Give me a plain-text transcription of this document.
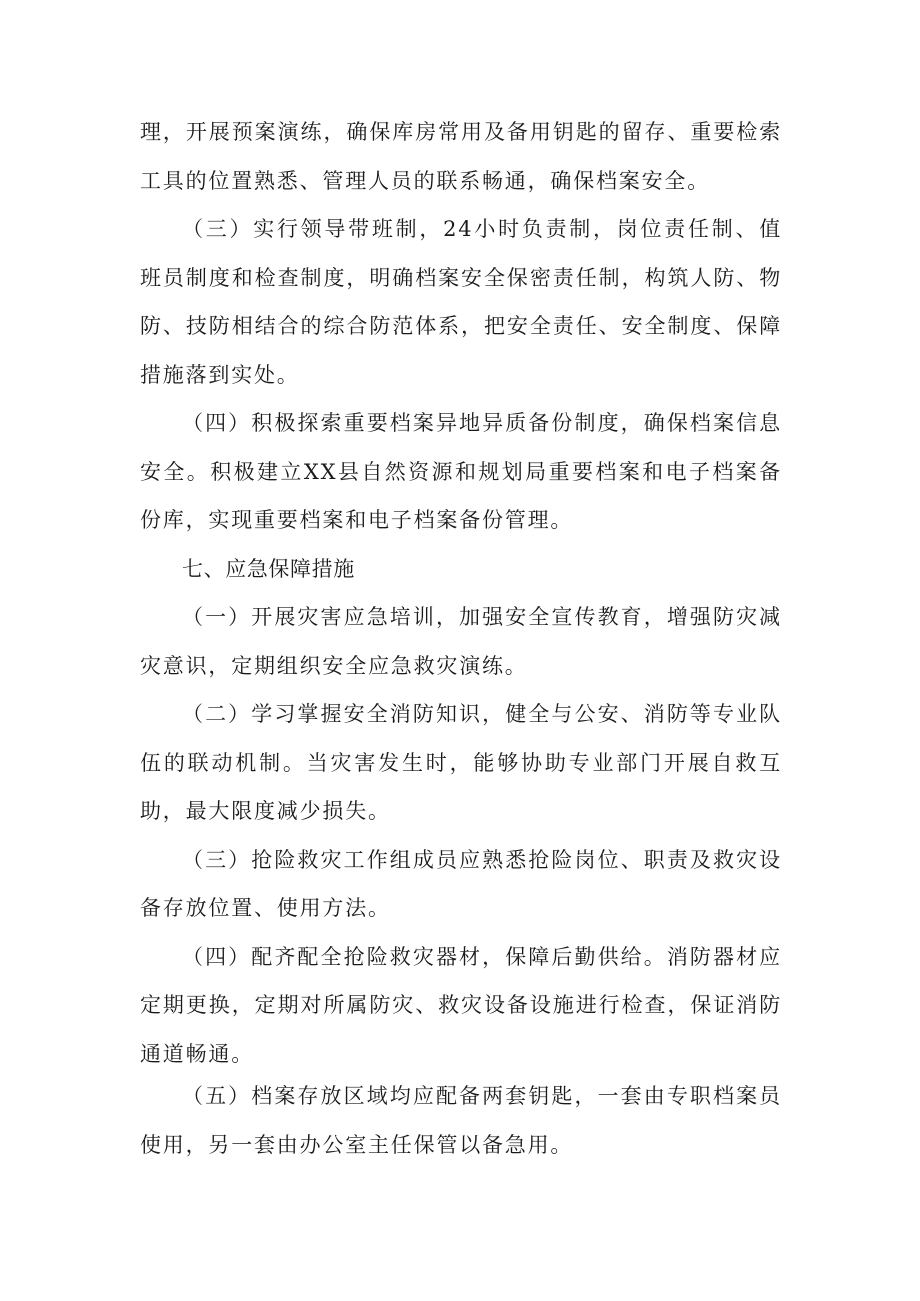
理，开展预案演练，确保库房常用及备用钥匙的留存、重要检索工具的位置熟悉、管理人员的联系畅通，确保档案安全。

（三）实行领导带班制，24小时负责制，岗位责任制、值班员制度和检查制度，明确档案安全保密责任制，构筑人防、物防、技防相结合的综合防范体系，把安全责任、安全制度、保障措施落到实处。

（四）积极探索重要档案异地异质备份制度，确保档案信息安全。积极建立XX县自然资源和规划局重要档案和电子档案备份库，实现重要档案和电子档案备份管理。

七、应急保障措施

（一）开展灾害应急培训，加强安全宣传教育，增强防灾减灾意识，定期组织安全应急救灾演练。

（二）学习掌握安全消防知识，健全与公安、消防等专业队伍的联动机制。当灾害发生时，能够协助专业部门开展自救互助，最大限度减少损失。

（三）抢险救灾工作组成员应熟悉抢险岗位、职责及救灾设备存放位置、使用方法。

（四）配齐配全抢险救灾器材，保障后勤供给。消防器材应定期更换，定期对所属防灾、救灾设备设施进行检查，保证消防通道畅通。

（五）档案存放区域均应配备两套钥匙，一套由专职档案员使用，另一套由办公室主任保管以备急用。
